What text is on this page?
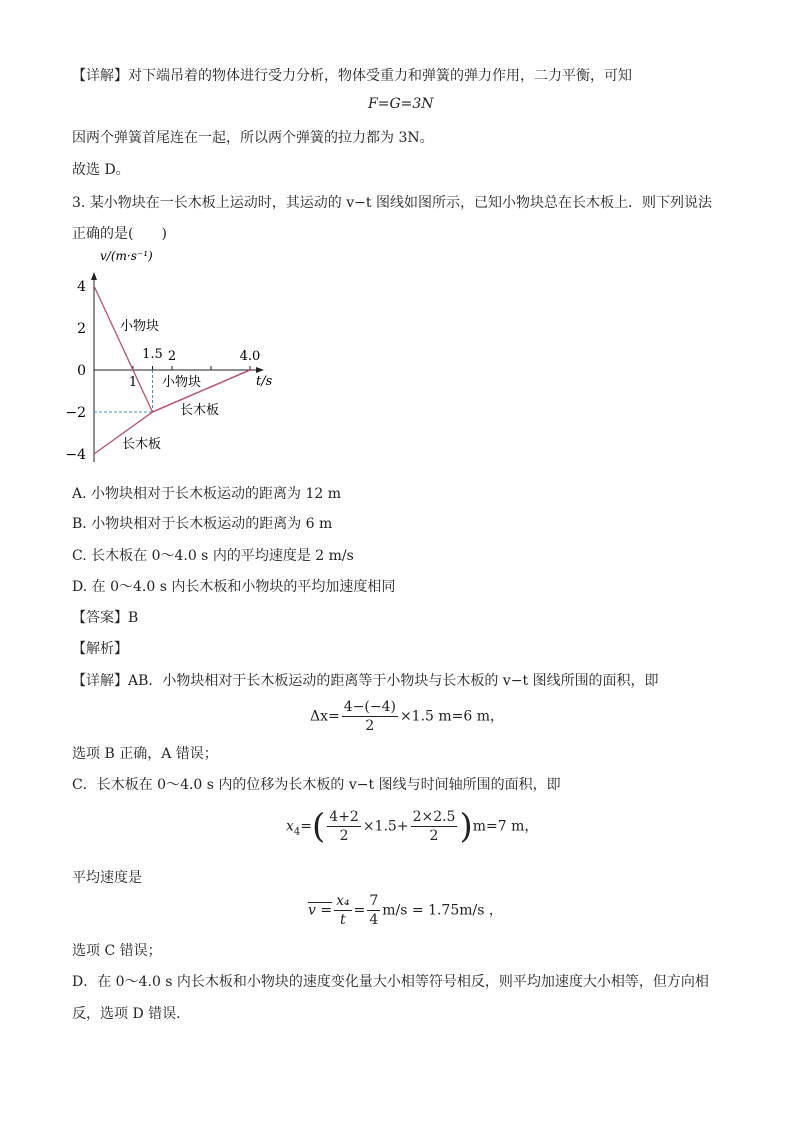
【详解】对下端吊着的物体进行受力分析，物体受重力和弹簧的弹力作用，二力平衡，可知
F=G=3N
因两个弹簧首尾连在一起，所以两个弹簧的拉力都为 3N。
故选 D。
3. 某小物块在一长木板上运动时，其运动的 v−t 图线如图所示，已知小物块总在长木板上．则下列说法
正确的是(　　)
v/(m·s⁻¹)
t/s
4
2
0
−2
−4
1
1.5 2	4.0
小物块
小物块
长木板
长木板
A. 小物块相对于长木板运动的距离为 12 m
B. 小物块相对于长木板运动的距离为 6 m
C. 长木板在 0～4.0 s 内的平均速度是 2 m/s
D. 在 0～4.0 s 内长木板和小物块的平均加速度相同
【答案】B
【解析】
【详解】AB．小物块相对于长木板运动的距离等于小物块与长木板的 v−t 图线所围的面积，即
$\Delta x= \frac{4-(-4)}{2} \times 1.5$ m=6 m，
选项 B 正确，A 错误；
C．长木板在 0～4.0 s 内的位移为长木板的 v−t 图线与时间轴所围的面积，即
$x_4=( \frac{4+2}{2} \times 1.5+ \frac{2\times 2.5}{2} )m=7$ m，
平均速度是
$v = \frac{\text{x₄}}{t} = \frac{7}{4} m/s = 1.75m/s$ ，
选项 C 错误；
D．在 0～4.0 s 内长木板和小物块的速度变化量大小相等符号相反，则平均加速度大小相等，但方向相
反，选项 D 错误．
